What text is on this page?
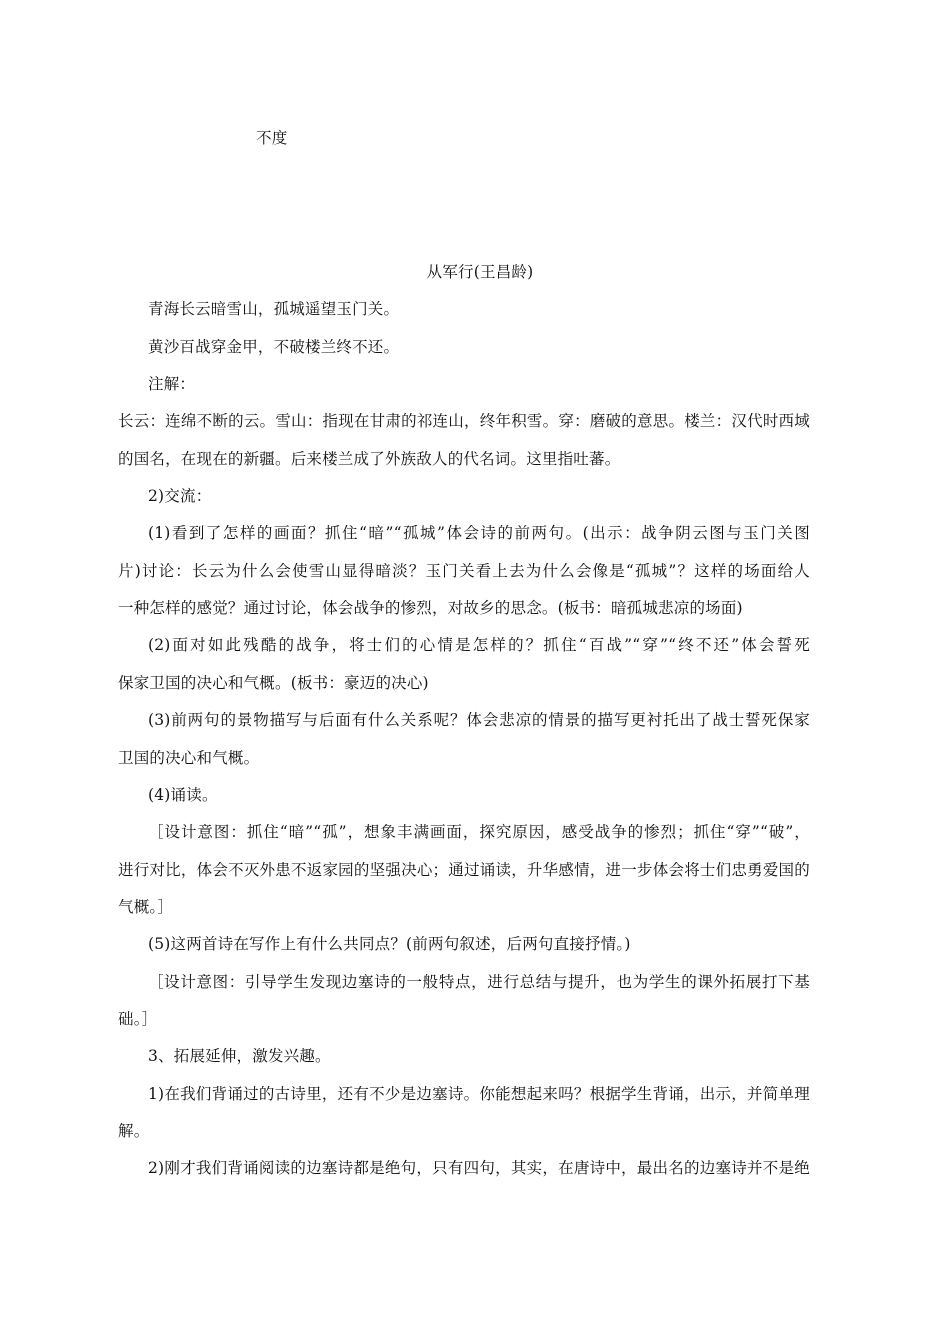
不度
从军行(王昌龄)
青海长云暗雪山，孤城遥望玉门关。
黄沙百战穿金甲，不破楼兰终不还。
注解：
长云：连绵不断的云。雪山：指现在甘肃的祁连山，终年积雪。穿：磨破的意思。楼兰：汉代时西域
的国名，在现在的新疆。后来楼兰成了外族敌人的代名词。这里指吐蕃。
2)交流：
(1)看到了怎样的画面？抓住“暗”“孤城”体会诗的前两句。(出示：战争阴云图与玉门关图
片)讨论：长云为什么会使雪山显得暗淡？玉门关看上去为什么会像是“孤城”？这样的场面给人
一种怎样的感觉？通过讨论，体会战争的惨烈，对故乡的思念。(板书：暗孤城悲凉的场面)
(2)面对如此残酷的战争，将士们的心情是怎样的？抓住“百战”“穿”“终不还”体会誓死
保家卫国的决心和气概。(板书：豪迈的决心)
(3)前两句的景物描写与后面有什么关系呢？体会悲凉的情景的描写更衬托出了战士誓死保家
卫国的决心和气概。
(4)诵读。
［设计意图：抓住“暗”“孤”，想象丰满画面，探究原因，感受战争的惨烈；抓住“穿”“破”，
进行对比，体会不灭外患不返家园的坚强决心；通过诵读，升华感情，进一步体会将士们忠勇爱国的
气概。］
(5)这两首诗在写作上有什么共同点？(前两句叙述，后两句直接抒情。)
［设计意图：引导学生发现边塞诗的一般特点，进行总结与提升，也为学生的课外拓展打下基
础。］
3、拓展延伸，激发兴趣。
1)在我们背诵过的古诗里，还有不少是边塞诗。你能想起来吗？根据学生背诵，出示，并简单理
解。
2)刚才我们背诵阅读的边塞诗都是绝句，只有四句，其实，在唐诗中，最出名的边塞诗并不是绝
